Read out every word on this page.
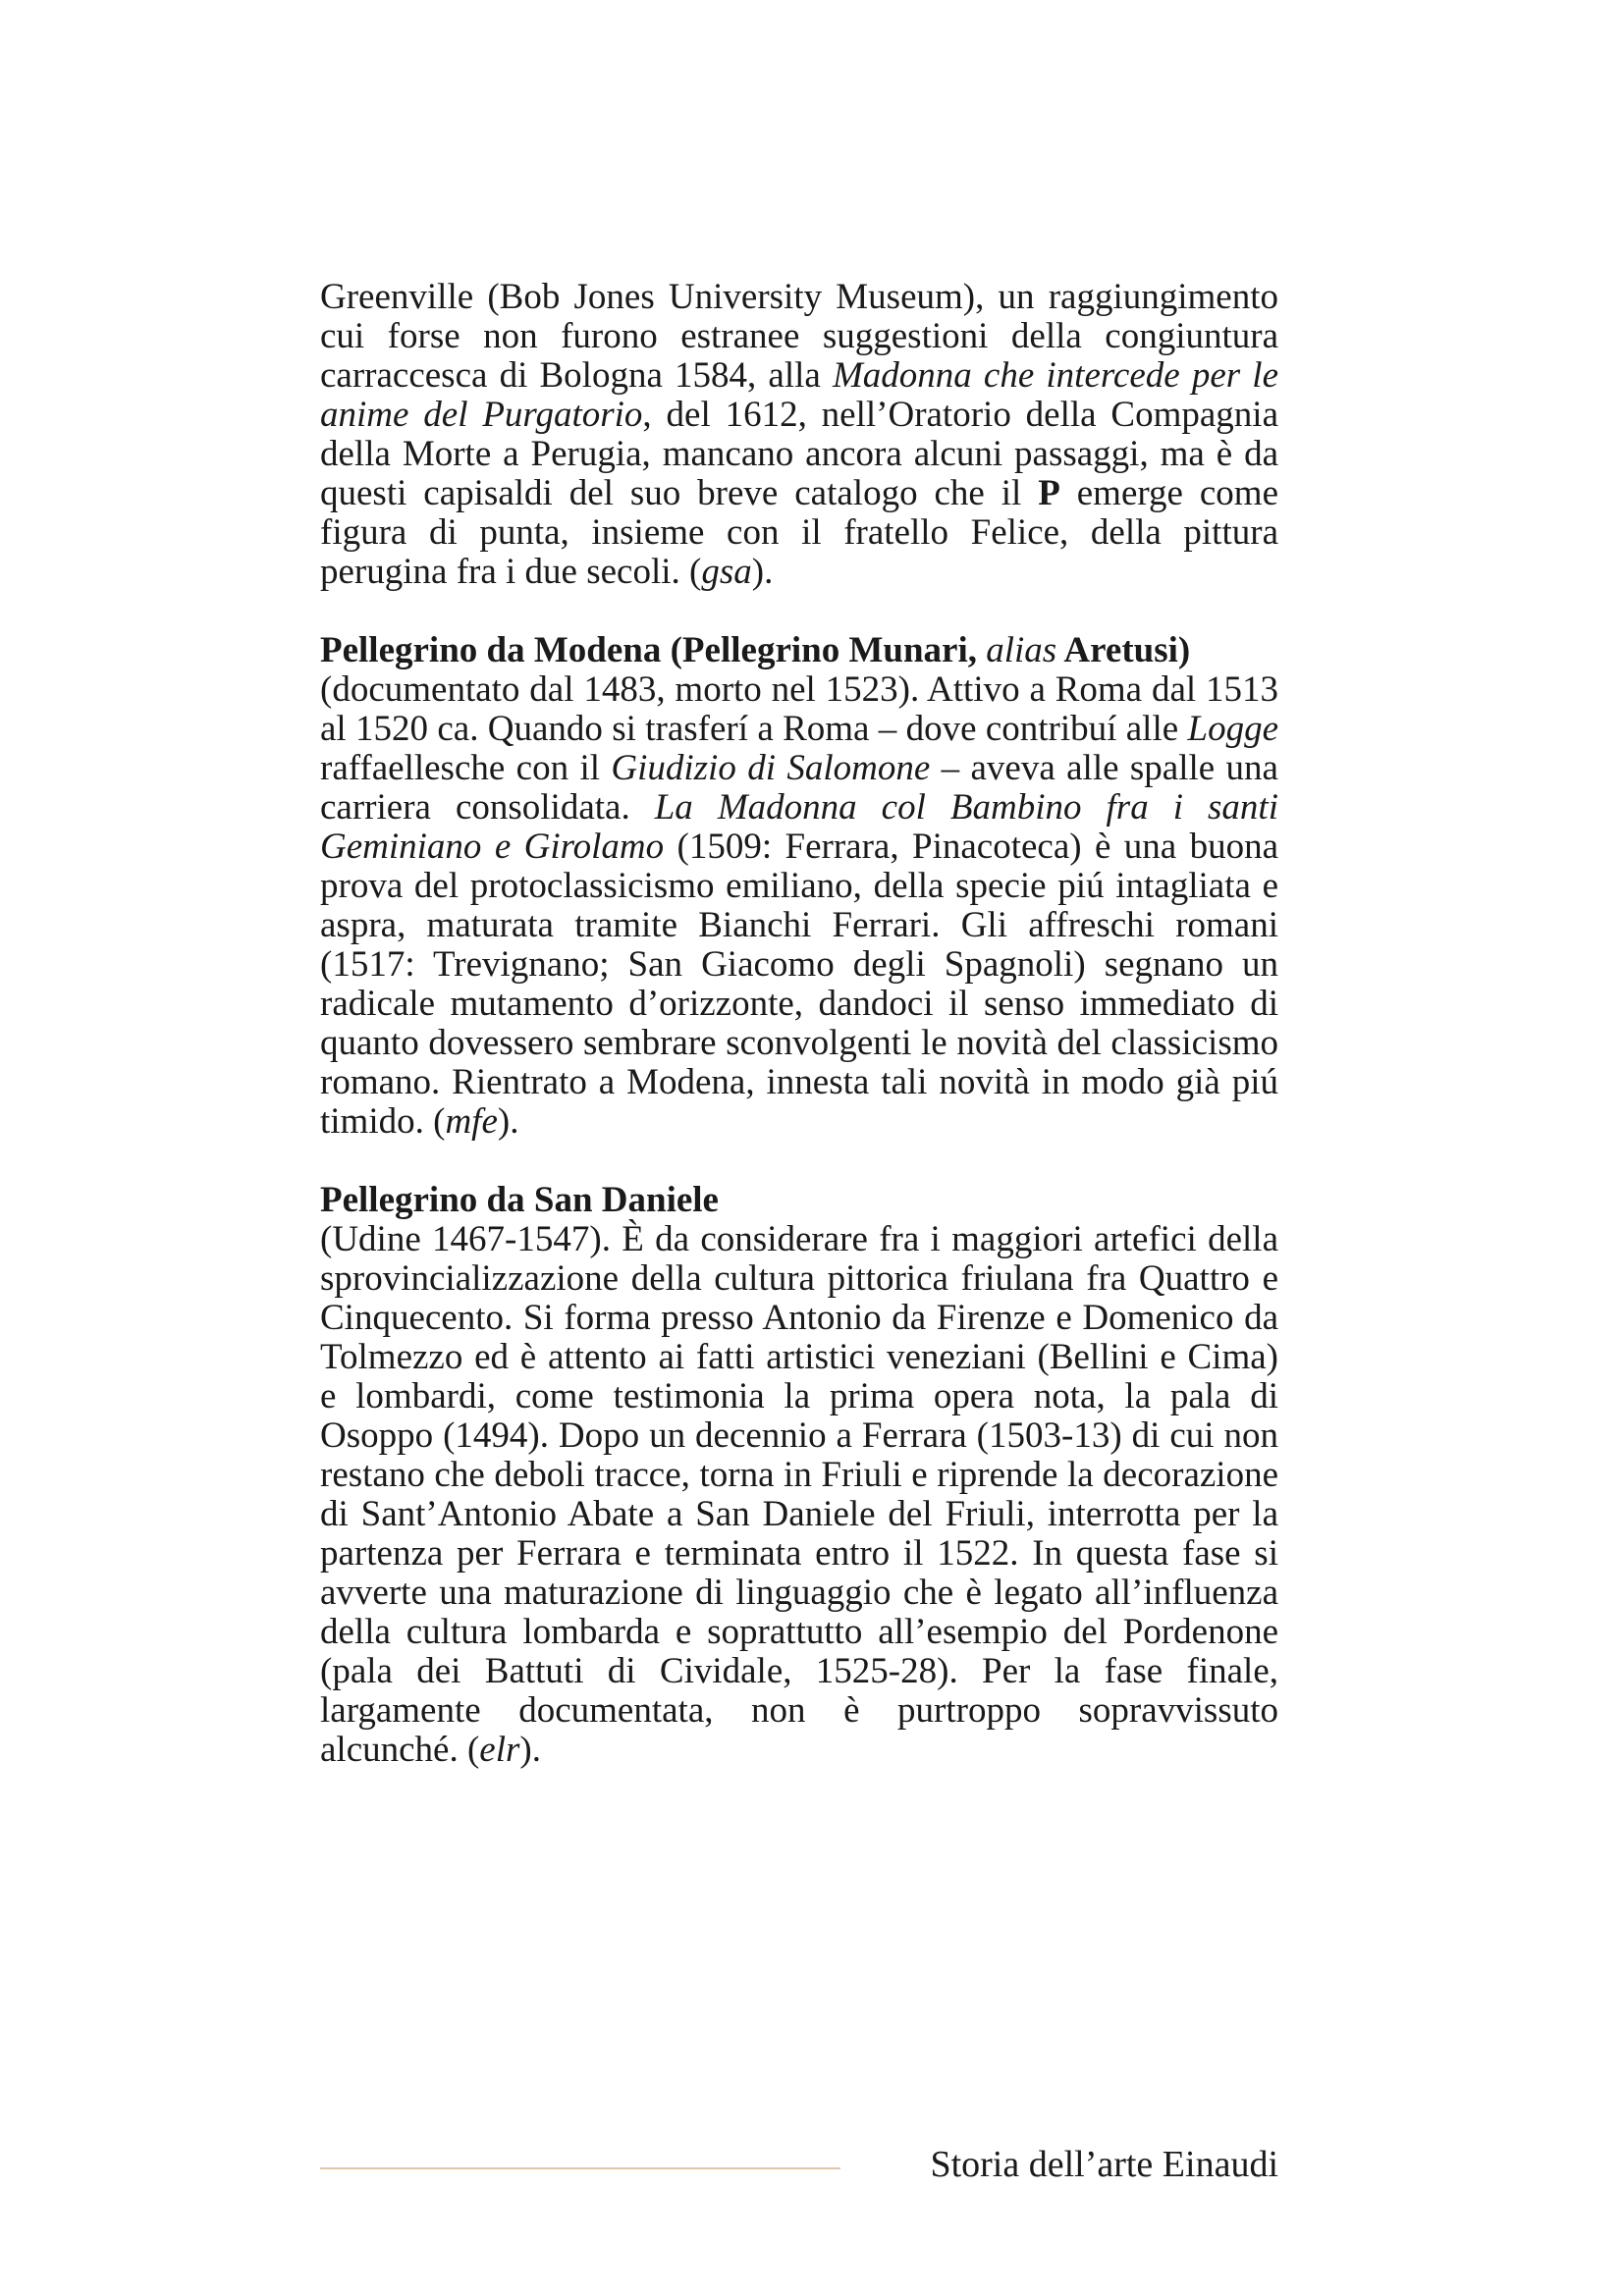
Greenville (Bob Jones University Museum), un raggiungimento cui forse non furono estranee suggestioni della congiuntura carraccesca di Bologna 1584, alla Madonna che intercede per le anime del Purgatorio, del 1612, nell’Oratorio della Compagnia della Morte a Perugia, mancano ancora alcuni passaggi, ma è da questi capisaldi del suo breve catalogo che il P emerge come figura di punta, insieme con il fratello Felice, della pittura perugina fra i due secoli. (gsa).

Pellegrino da Modena (Pellegrino Munari, alias Aretusi)

(documentato dal 1483, morto nel 1523). Attivo a Roma dal 1513 al 1520 ca. Quando si trasferí a Roma – dove contribuí alle Logge raffaellesche con il Giudizio di Salomone – aveva alle spalle una carriera consolidata. La Madonna col Bambino fra i santi Geminiano e Girolamo (1509: Ferrara, Pinacoteca) è una buona prova del protoclassicismo emiliano, della specie piú intagliata e aspra, maturata tramite Bianchi Ferrari. Gli affreschi romani (1517: Trevignano; San Giacomo degli Spagnoli) segnano un radicale mutamento d’orizzonte, dandoci il senso immediato di quanto dovessero sembrare sconvolgenti le novità del classicismo romano. Rientrato a Modena, innesta tali novità in modo già piú timido. (mfe).

Pellegrino da San Daniele

(Udine 1467-1547). È da considerare fra i maggiori artefici della sprovincializzazione della cultura pittorica friulana fra Quattro e Cinquecento. Si forma presso Antonio da Firenze e Domenico da Tolmezzo ed è attento ai fatti artistici veneziani (Bellini e Cima) e lombardi, come testimonia la prima opera nota, la pala di Osoppo (1494). Dopo un decennio a Ferrara (1503-13) di cui non restano che deboli tracce, torna in Friuli e riprende la decorazione di Sant’Antonio Abate a San Daniele del Friuli, interrotta per la partenza per Ferrara e terminata entro il 1522. In questa fase si avverte una maturazione di linguaggio che è legato all’influenza della cultura lombarda e soprattutto all’esempio del Pordenone (pala dei Battuti di Cividale, 1525-28). Per la fase finale, largamente documentata, non è purtroppo sopravvissuto alcunché. (elr).

Storia dell’arte Einaudi
